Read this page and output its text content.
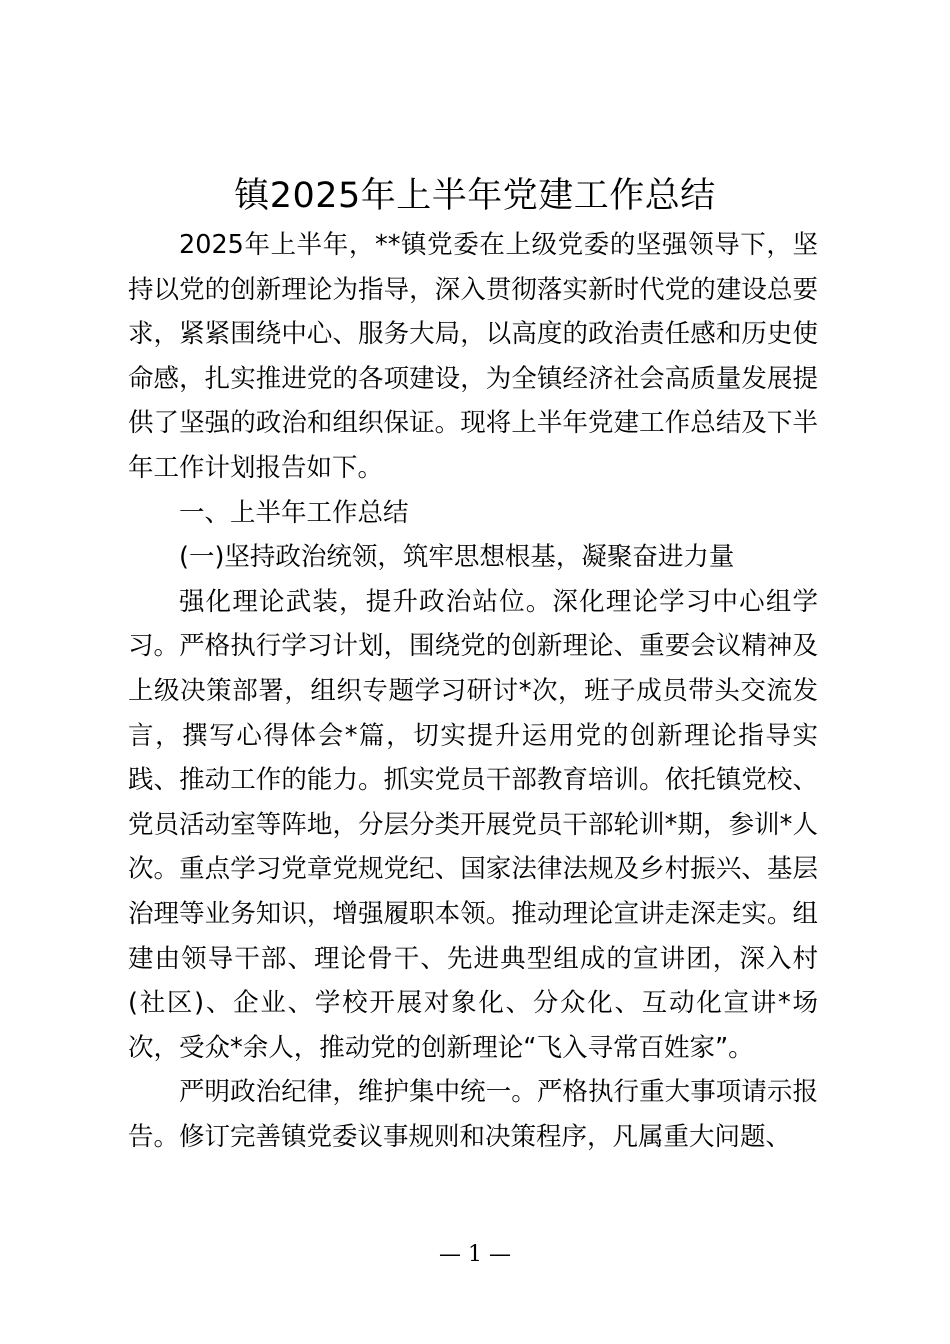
镇2025年上半年党建工作总结

2025年上半年，**镇党委在上级党委的坚强领导下，坚持以党的创新理论为指导，深入贯彻落实新时代党的建设总要求，紧紧围绕中心、服务大局，以高度的政治责任感和历史使命感，扎实推进党的各项建设，为全镇经济社会高质量发展提供了坚强的政治和组织保证。现将上半年党建工作总结及下半年工作计划报告如下。

一、上半年工作总结

(一)坚持政治统领，筑牢思想根基，凝聚奋进力量

强化理论武装，提升政治站位。深化理论学习中心组学习。严格执行学习计划，围绕党的创新理论、重要会议精神及上级决策部署，组织专题学习研讨*次，班子成员带头交流发言，撰写心得体会*篇，切实提升运用党的创新理论指导实践、推动工作的能力。抓实党员干部教育培训。依托镇党校、党员活动室等阵地，分层分类开展党员干部轮训*期，参训*人次。重点学习党章党规党纪、国家法律法规及乡村振兴、基层治理等业务知识，增强履职本领。推动理论宣讲走深走实。组建由领导干部、理论骨干、先进典型组成的宣讲团，深入村(社区)、企业、学校开展对象化、分众化、互动化宣讲*场次，受众*余人，推动党的创新理论“飞入寻常百姓家”。

严明政治纪律，维护集中统一。严格执行重大事项请示报告。修订完善镇党委议事规则和决策程序，凡属重大问题、

— 1 —
